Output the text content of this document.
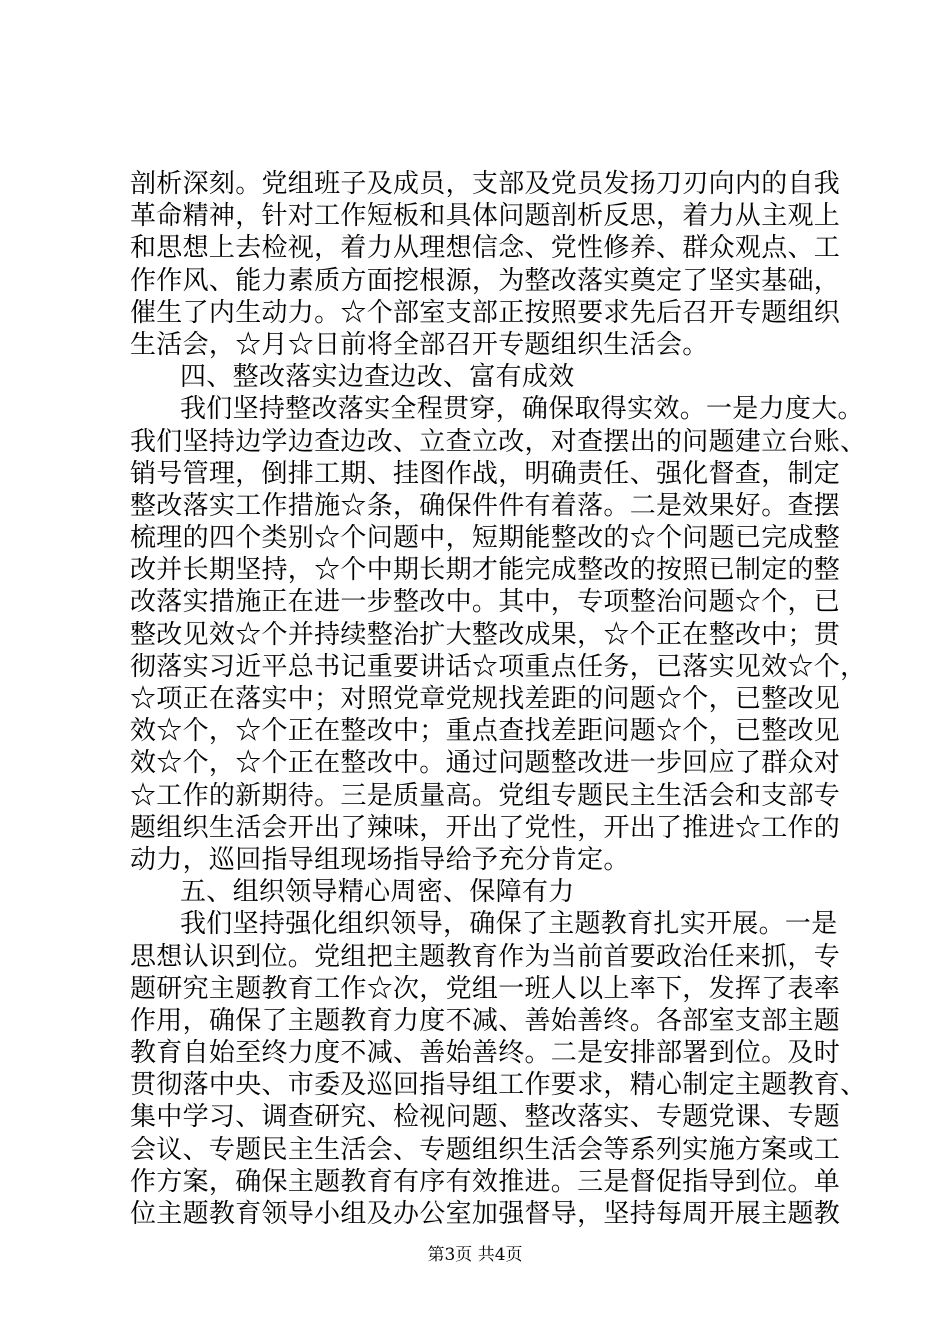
剖析深刻。党组班子及成员，支部及党员发扬刀刃向内的自我
革命精神，针对工作短板和具体问题剖析反思，着力从主观上
和思想上去检视，着力从理想信念、党性修养、群众观点、工
作作风、能力素质方面挖根源，为整改落实奠定了坚实基础，
催生了内生动力。☆个部室支部正按照要求先后召开专题组织
生活会，☆月☆日前将全部召开专题组织生活会。
四、整改落实边查边改、富有成效
我们坚持整改落实全程贯穿，确保取得实效。一是力度大。
我们坚持边学边查边改、立查立改，对查摆出的问题建立台账、
销号管理，倒排工期、挂图作战，明确责任、强化督查，制定
整改落实工作措施☆条，确保件件有着落。二是效果好。查摆
梳理的四个类别☆个问题中，短期能整改的☆个问题已完成整
改并长期坚持，☆个中期长期才能完成整改的按照已制定的整
改落实措施正在进一步整改中。其中，专项整治问题☆个，已
整改见效☆个并持续整治扩大整改成果，☆个正在整改中；贯
彻落实习近平总书记重要讲话☆项重点任务，已落实见效☆个，
☆项正在落实中；对照党章党规找差距的问题☆个，已整改见
效☆个，☆个正在整改中；重点查找差距问题☆个，已整改见
效☆个，☆个正在整改中。通过问题整改进一步回应了群众对
☆工作的新期待。三是质量高。党组专题民主生活会和支部专
题组织生活会开出了辣味，开出了党性，开出了推进☆工作的
动力，巡回指导组现场指导给予充分肯定。
五、组织领导精心周密、保障有力
我们坚持强化组织领导，确保了主题教育扎实开展。一是
思想认识到位。党组把主题教育作为当前首要政治任来抓，专
题研究主题教育工作☆次，党组一班人以上率下，发挥了表率
作用，确保了主题教育力度不减、善始善终。各部室支部主题
教育自始至终力度不减、善始善终。二是安排部署到位。及时
贯彻落中央、市委及巡回指导组工作要求，精心制定主题教育、
集中学习、调查研究、检视问题、整改落实、专题党课、专题
会议、专题民主生活会、专题组织生活会等系列实施方案或工
作方案，确保主题教育有序有效推进。三是督促指导到位。单
位主题教育领导小组及办公室加强督导，坚持每周开展主题教
第3页 共4页
